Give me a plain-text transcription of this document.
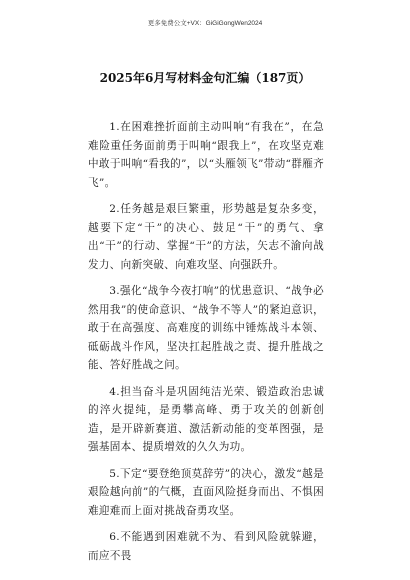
更多免费公文+VX：GiGiGongWen2024
2025年6月写材料金句汇编（187页）

1.在困难挫折面前主动叫响“有我在”，在急难险重任务面前勇于叫响“跟我上”，在攻坚克难中敢于叫响“看我的”，以“头雁领飞”带动“群雁齐飞”。

2.任务越是艰巨繁重，形势越是复杂多变，越要下定“干”的决心、鼓足“干”的勇气、拿出“干”的行动、掌握“干”的方法，矢志不渝向战发力、向新突破、向难攻坚、向强跃升。

3.强化“战争今夜打响”的忧患意识、“战争必然用我”的使命意识、“战争不等人”的紧迫意识，敢于在高强度、高难度的训练中锤炼战斗本领、砥砺战斗作风，坚决扛起胜战之责、提升胜战之能、答好胜战之问。

4.担当奋斗是巩固纯洁光荣、锻造政治忠诚的淬火提纯，是勇攀高峰、勇于攻关的创新创造，是开辟新赛道、激活新动能的变革图强，是强基固本、提质增效的久久为功。

5.下定“要登绝顶莫辞劳”的决心，激发“越是艰险越向前”的气概，直面风险挺身而出、不惧困难迎难而上面对挑战奋勇攻坚。

6.不能遇到困难就不为、看到风险就躲避，而应不畏
